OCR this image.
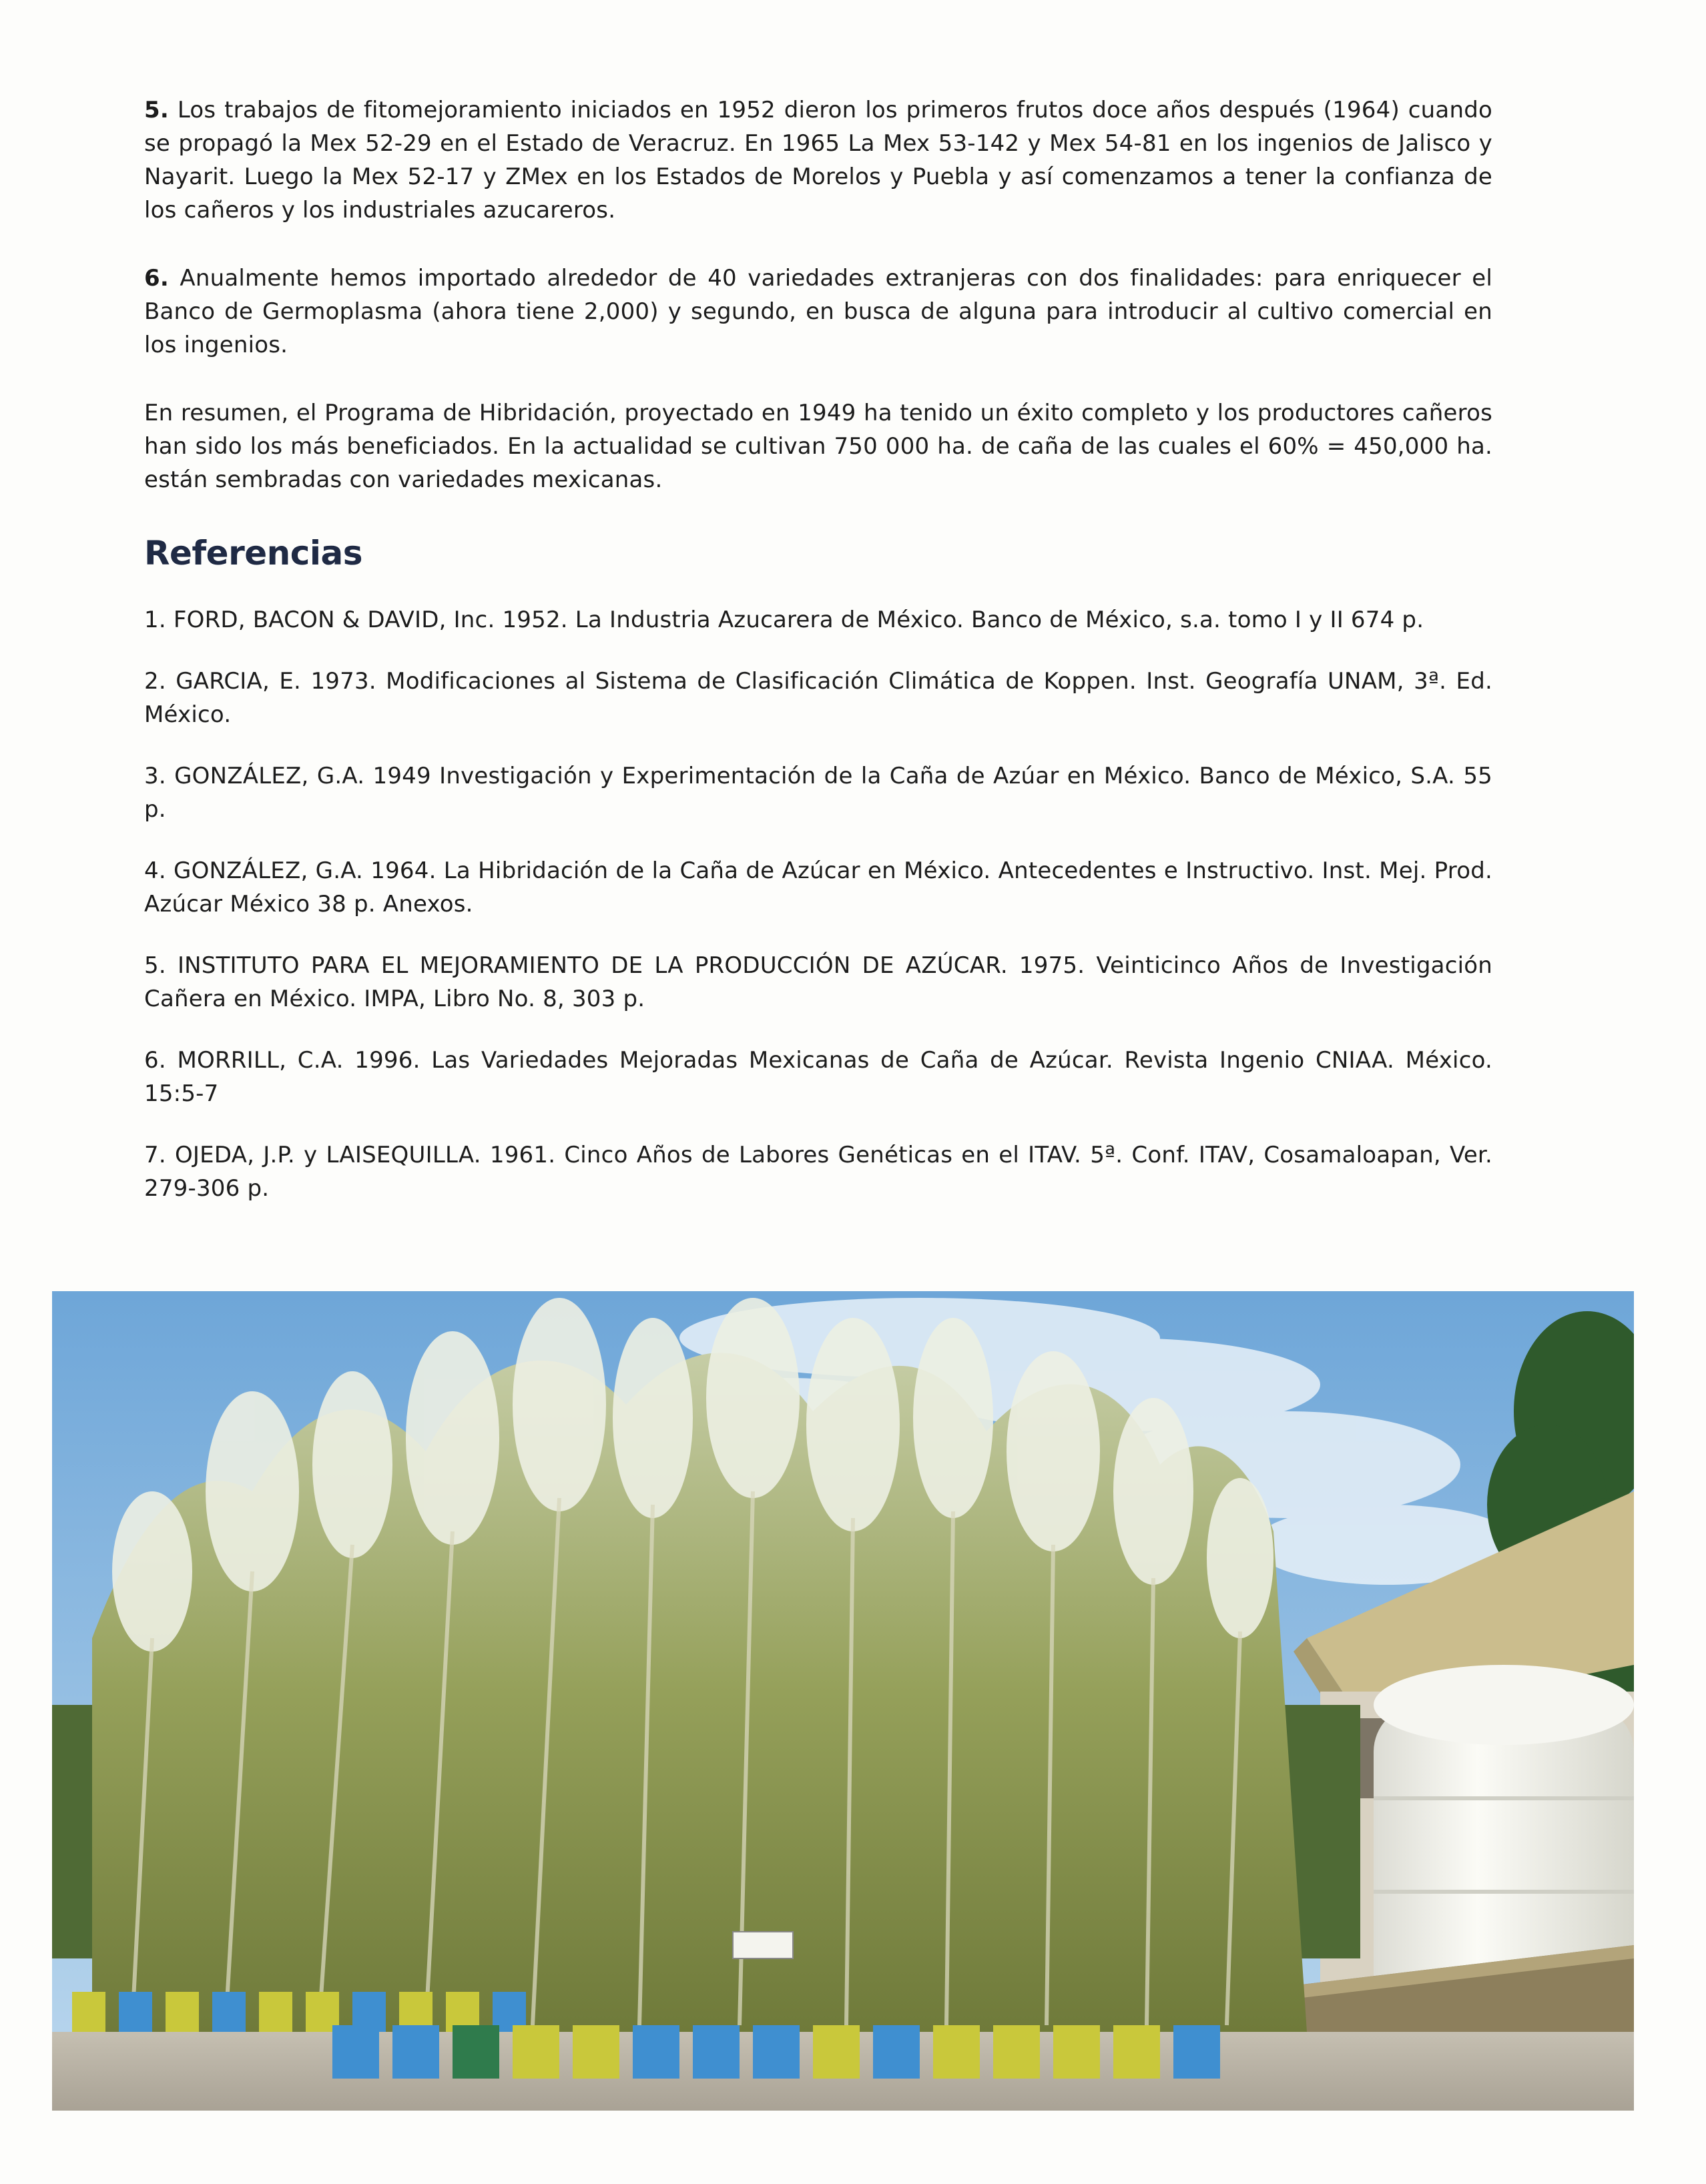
5. Los trabajos de fitomejoramiento iniciados en 1952 dieron los primeros frutos doce años después (1964) cuando se propagó la Mex 52-29 en el Estado de Veracruz. En 1965 La Mex 53-142 y Mex 54-81 en los ingenios de Jalisco y Nayarit. Luego la Mex 52-17 y ZMex en los Estados de Morelos y Puebla y así comenzamos a tener la confianza de los cañeros y los industriales azucareros.

6. Anualmente hemos importado alrededor de 40 variedades extranjeras con dos finalidades: para enriquecer el Banco de Germoplasma (ahora tiene 2,000) y segundo, en busca de alguna para introducir al cultivo comercial en los ingenios.

En resumen, el Programa de Hibridación, proyectado en 1949 ha tenido un éxito completo y los productores cañeros han sido los más beneficiados. En la actualidad se cultivan 750 000 ha. de caña de las cuales el 60% = 450,000 ha. están sembradas con variedades mexicanas.

Referencias

1. FORD, BACON & DAVID, Inc. 1952. La Industria Azucarera de México. Banco de México, s.a. tomo I y II 674 p.

2. GARCIA, E. 1973. Modificaciones al Sistema de Clasificación Climática de Koppen. Inst. Geografía UNAM, 3ª. Ed. México.

3. GONZÁLEZ, G.A. 1949 Investigación y Experimentación de la Caña de Azúar en México. Banco de México, S.A. 55 p.

4. GONZÁLEZ, G.A. 1964. La Hibridación de la Caña de Azúcar en México. Antecedentes e Instructivo. Inst. Mej. Prod. Azúcar México 38 p. Anexos.

5. INSTITUTO PARA EL MEJORAMIENTO DE LA PRODUCCIÓN DE AZÚCAR. 1975. Veinticinco Años de Investigación Cañera en México. IMPA, Libro No. 8, 303 p.

6. MORRILL, C.A. 1996. Las Variedades Mejoradas Mexicanas de Caña de Azúcar. Revista Ingenio CNIAA. México. 15:5-7

7. OJEDA, J.P. y LAISEQUILLA. 1961. Cinco Años de Labores Genéticas en el ITAV. 5ª. Conf. ITAV, Cosamaloapan, Ver. 279-306 p.
